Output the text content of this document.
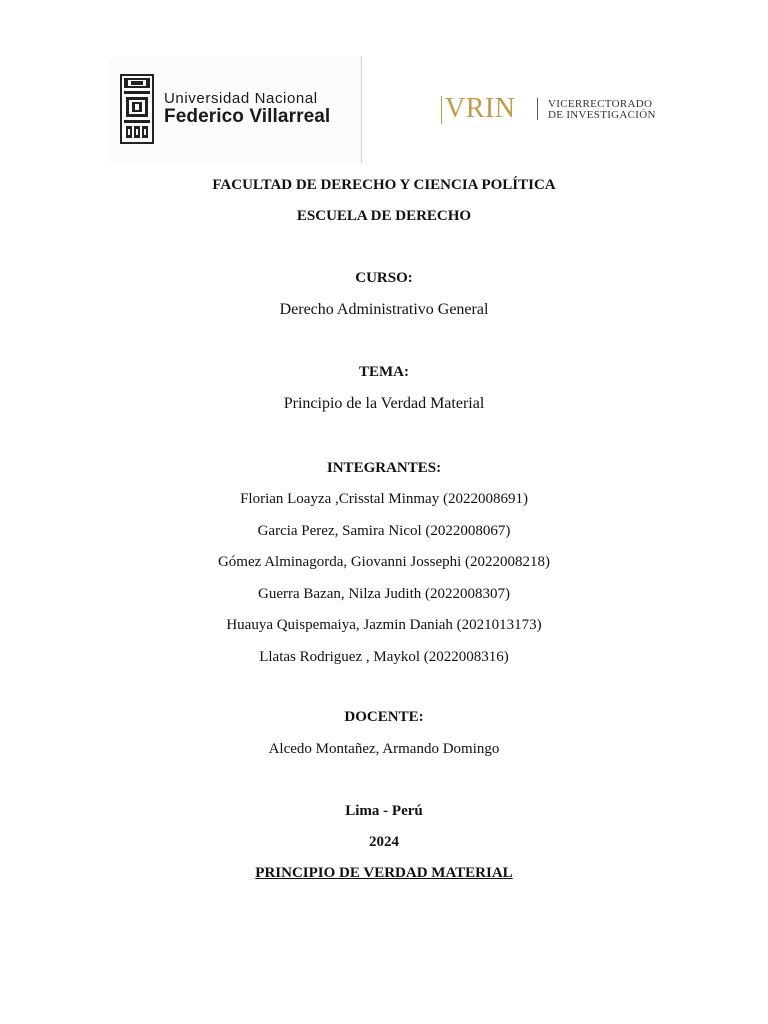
Universidad Nacional
Federico Villarreal	VRIN	VICERRECTORADO
DE INVESTIGACIÓN
FACULTAD DE DERECHO Y CIENCIA POLÍTICA
ESCUELA DE DERECHO
CURSO:
Derecho Administrativo General
TEMA:
Principio de la Verdad Material
INTEGRANTES:
Florian Loayza ,Crisstal Minmay (2022008691)
Garcia Perez, Samira Nicol (2022008067)
Gómez Alminagorda, Giovanni Jossephi (2022008218)
Guerra Bazan, Nilza Judith (2022008307)
Huauya Quispemaiya, Jazmin Daniah (2021013173)
Llatas Rodriguez , Maykol (2022008316)
DOCENTE:
Alcedo Montañez, Armando Domingo
Lima - Perú
2024
PRINCIPIO DE VERDAD MATERIAL
